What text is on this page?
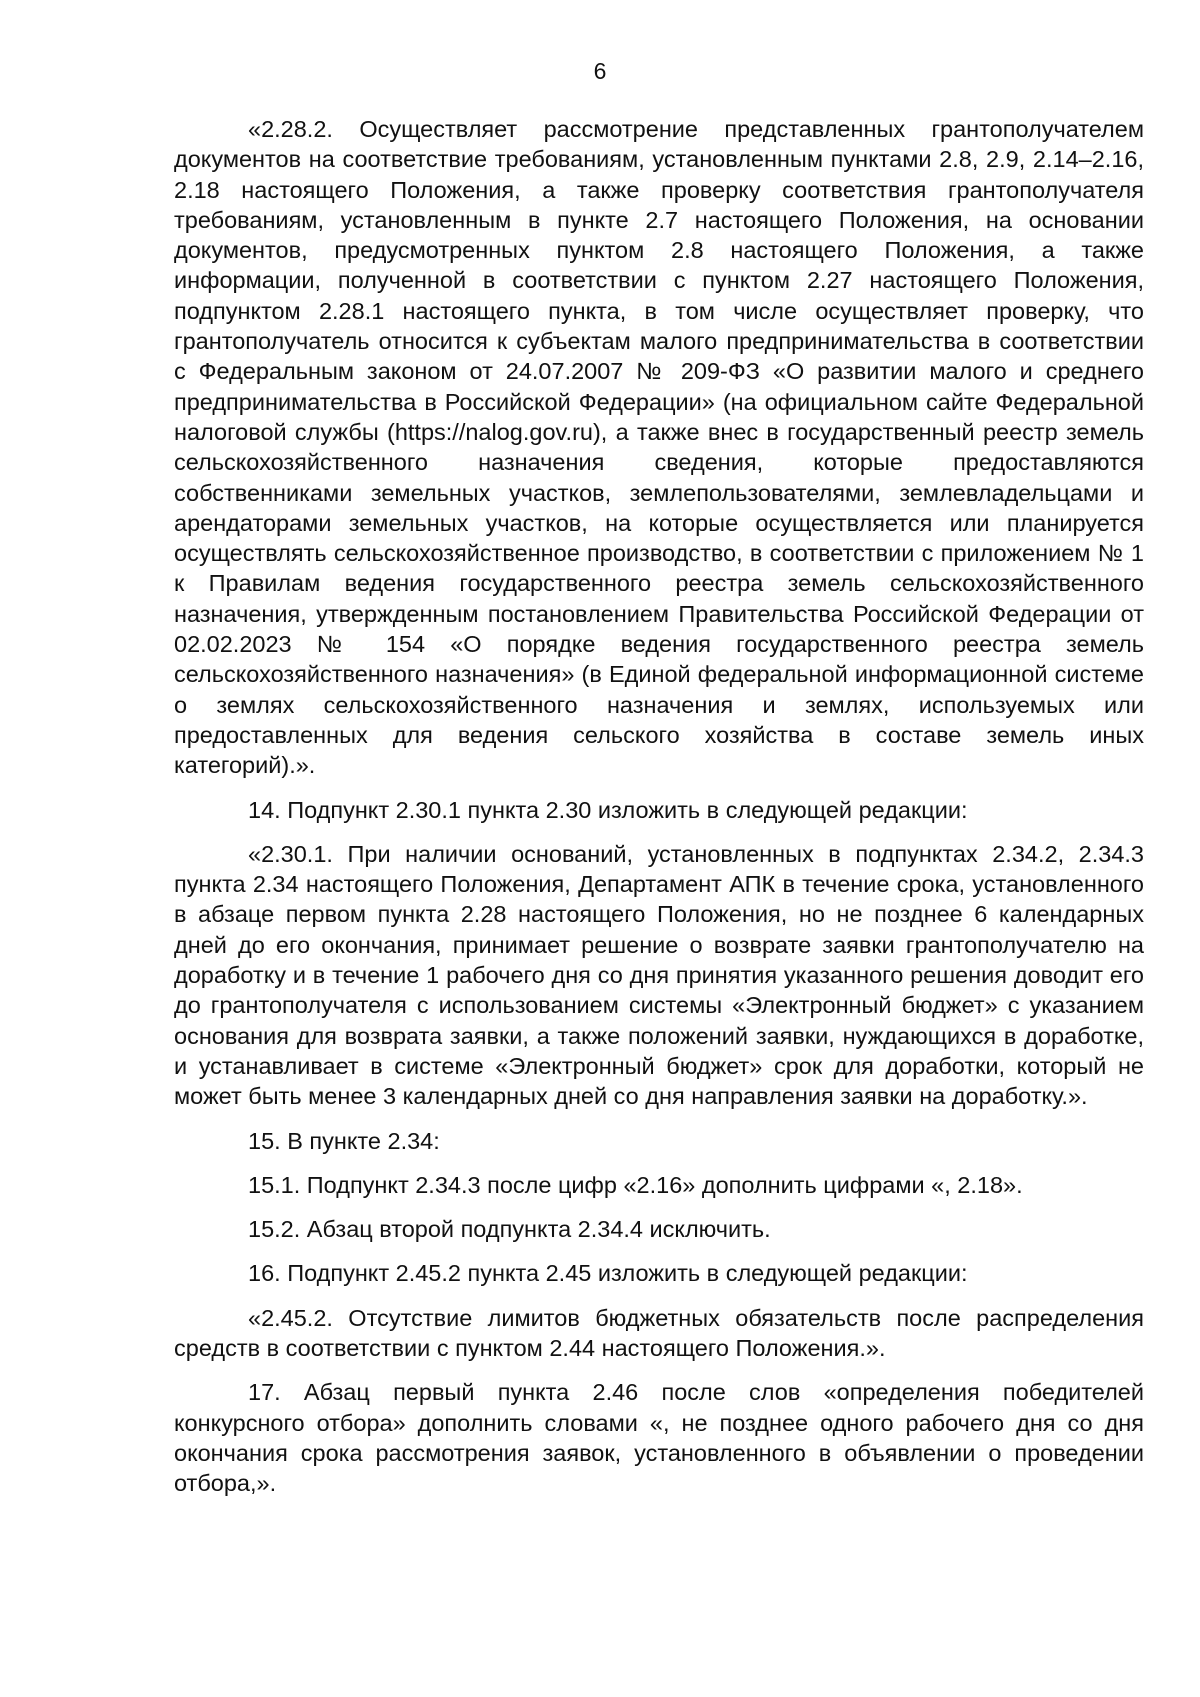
6

«2.28.2. Осуществляет рассмотрение представленных грантополучателем документов на соответствие требованиям, установленным пунктами 2.8, 2.9, 2.14–2.16, 2.18 настоящего Положения, а также проверку соответствия грантополучателя требованиям, установленным в пункте 2.7 настоящего Положения, на основании документов, предусмотренных пунктом 2.8 настоящего Положения, а также информации, полученной в соответствии с пунктом 2.27 настоящего Положения, подпунктом 2.28.1 настоящего пункта, в том числе осуществляет проверку, что грантополучатель относится к субъектам малого предпринимательства в соответствии с Федеральным законом от 24.07.2007 № 209-ФЗ «О развитии малого и среднего предпринимательства в Российской Федерации» (на официальном сайте Федеральной налоговой службы (https://nalog.gov.ru), а также внес в государственный реестр земель сельскохозяйственного назначения сведения, которые предоставляются собственниками земельных участков, землепользователями, землевладельцами и арендаторами земельных участков, на которые осуществляется или планируется осуществлять сельскохозяйственное производство, в соответствии с приложением № 1 к Правилам ведения государственного реестра земель сельскохозяйственного назначения, утвержденным постановлением Правительства Российской Федерации от 02.02.2023 № 154 «О порядке ведения государственного реестра земель сельскохозяйственного назначения» (в Единой федеральной информационной системе о землях сельскохозяйственного назначения и землях, используемых или предоставленных для ведения сельского хозяйства в составе земель иных категорий).».

14. Подпункт 2.30.1 пункта 2.30 изложить в следующей редакции:

«2.30.1. При наличии оснований, установленных в подпунктах 2.34.2, 2.34.3 пункта 2.34 настоящего Положения, Департамент АПК в течение срока, установленного в абзаце первом пункта 2.28 настоящего Положения, но не позднее 6 календарных дней до его окончания, принимает решение о возврате заявки грантополучателю на доработку и в течение 1 рабочего дня со дня принятия указанного решения доводит его до грантополучателя с использованием системы «Электронный бюджет» с указанием основания для возврата заявки, а также положений заявки, нуждающихся в доработке, и устанавливает в системе «Электронный бюджет» срок для доработки, который не может быть менее 3 календарных дней со дня направления заявки на доработку.».

15. В пункте 2.34:

15.1. Подпункт 2.34.3 после цифр «2.16» дополнить цифрами «, 2.18».

15.2. Абзац второй подпункта 2.34.4 исключить.

16. Подпункт 2.45.2 пункта 2.45 изложить в следующей редакции:

«2.45.2. Отсутствие лимитов бюджетных обязательств после распределения средств в соответствии с пунктом 2.44 настоящего Положения.».

17. Абзац первый пункта 2.46 после слов «определения победителей конкурсного отбора» дополнить словами «, не позднее одного рабочего дня со дня окончания срока рассмотрения заявок, установленного в объявлении о проведении отбора,».
